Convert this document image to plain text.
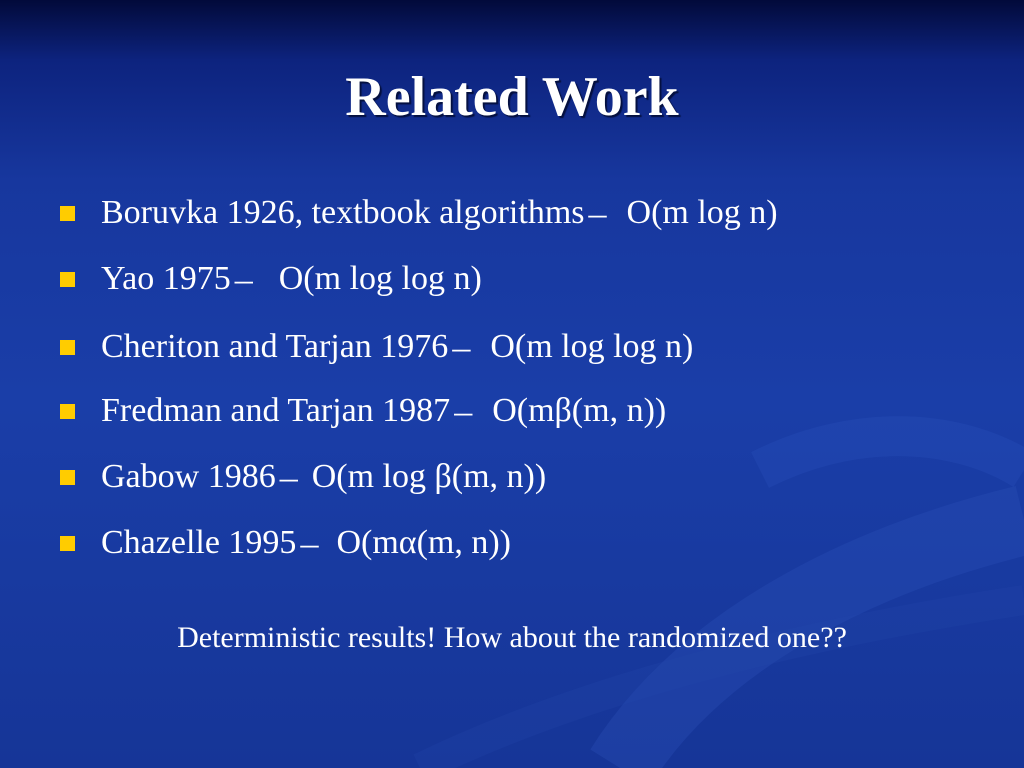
Related Work
Boruvka 1926, textbook algorithms – O(m log n)
Yao 1975 – O(m log log n)
Cheriton and Tarjan 1976 – O(m log log n)
Fredman and Tarjan 1987 – O(mβ(m, n))
Gabow 1986 – O(m log β(m, n))
Chazelle 1995 – O(mα(m, n))
Deterministic results! How about the randomized one??
